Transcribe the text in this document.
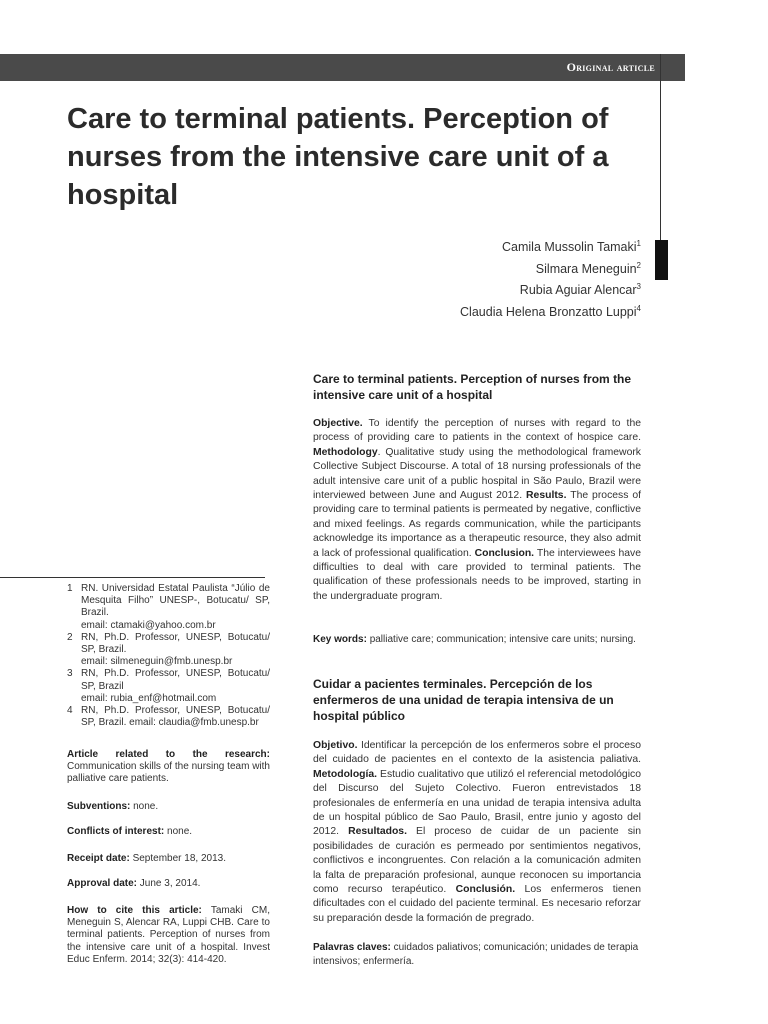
Original article
Care to terminal patients. Perception of nurses from the intensive care unit of a hospital
Camila Mussolin Tamaki$^1$
Silmara Meneguin$^2$
Rubia Aguiar Alencar$^3$
Claudia Helena Bronzatto Luppi$^4$
1 RN. Universidad Estatal Paulista “Júlio de Mesquita Filho” UNESP-, Botucatu/ SP, Brazil.
email: ctamaki@yahoo.com.br
2 RN, Ph.D. Professor, UNESP, Botucatu/ SP, Brazil.
email: silmeneguin@fmb.unesp.br
3 RN, Ph.D. Professor, UNESP, Botucatu/ SP, Brazil
email: rubia_enf@hotmail.com
4 RN, Ph.D. Professor, UNESP, Botucatu/ SP, Brazil. email: claudia@fmb.unesp.br
Article related to the research: Communication skills of the nursing team with palliative care patients.
Subventions: none.
Conflicts of interest: none.
Receipt date: September 18, 2013.
Approval date: June 3, 2014.
How to cite this article: Tamaki CM, Meneguin S, Alencar RA, Luppi CHB. Care to terminal patients. Perception of nurses from the intensive care unit of a hospital. Invest Educ Enferm. 2014; 32(3): 414-420.
Care to terminal patients. Perception of nurses from the intensive care unit of a hospital

Objective. To identify the perception of nurses with regard to the process of providing care to patients in the context of hospice care. Methodology. Qualitative study using the methodological framework Collective Subject Discourse. A total of 18 nursing professionals of the adult intensive care unit of a public hospital in São Paulo, Brazil were interviewed between June and August 2012. Results. The process of providing care to terminal patients is permeated by negative, conflictive and mixed feelings. As regards communication, while the participants acknowledge its importance as a therapeutic resource, they also admit a lack of professional qualification. Conclusion. The interviewees have difficulties to deal with care provided to terminal patients. The qualification of these professionals needs to be improved, starting in the undergraduate program.

Key words: palliative care; communication; intensive care units; nursing.
Cuidar a pacientes terminales. Percepción de los enfermeros de una unidad de terapia intensiva de un hospital público

Objetivo. Identificar la percepción de los enfermeros sobre el proceso del cuidado de pacientes en el contexto de la asistencia paliativa. Metodología. Estudio cualitativo que utilizó el referencial metodológico del Discurso del Sujeto Colectivo. Fueron entrevistados 18 profesionales de enfermería en una unidad de terapia intensiva adulta de un hospital público de Sao Paulo, Brasil, entre junio y agosto del 2012. Resultados. El proceso de cuidar de un paciente sin posibilidades de curación es permeado por sentimientos negativos, conflictivos e incongruentes. Con relación a la comunicación admiten la falta de preparación profesional, aunque reconocen su importancia como recurso terapéutico. Conclusión. Los enfermeros tienen dificultades con el cuidado del paciente terminal. Es necesario reforzar su preparación desde la formación de pregrado.

Palavras claves: cuidados paliativos; comunicación; unidades de terapia intensivos; enfermería.
